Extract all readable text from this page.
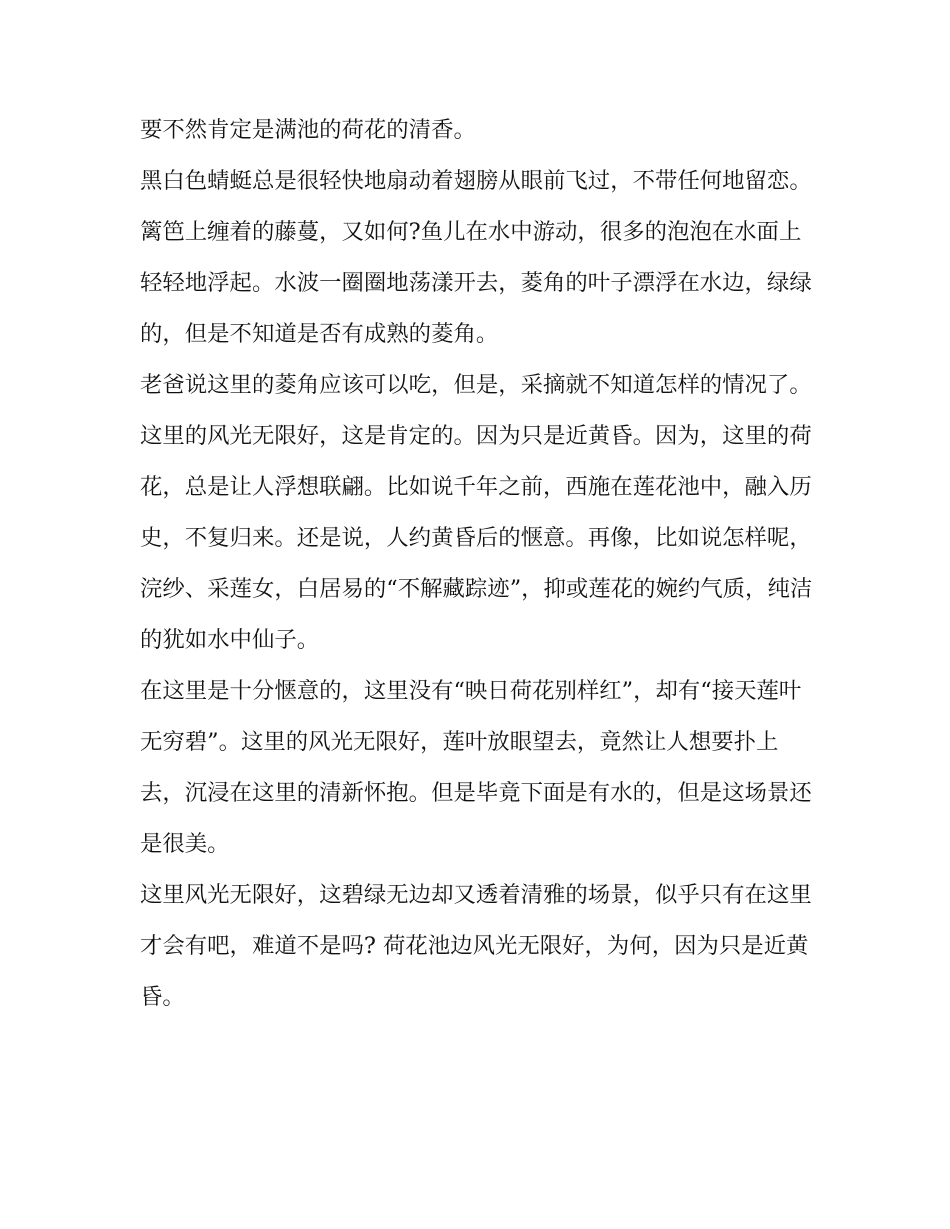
要不然肯定是满池的荷花的清香。

黑白色蜻蜓总是很轻快地扇动着翅膀从眼前飞过，不带任何地留恋。篱笆上缠着的藤蔓，又如何?鱼儿在水中游动，很多的泡泡在水面上轻轻地浮起。水波一圈圈地荡漾开去，菱角的叶子漂浮在水边，绿绿的，但是不知道是否有成熟的菱角。

老爸说这里的菱角应该可以吃，但是，采摘就不知道怎样的情况了。

这里的风光无限好，这是肯定的。因为只是近黄昏。因为，这里的荷花，总是让人浮想联翩。比如说千年之前，西施在莲花池中，融入历史，不复归来。还是说，人约黄昏后的惬意。再像，比如说怎样呢，浣纱、采莲女，白居易的“不解藏踪迹”，抑或莲花的婉约气质，纯洁的犹如水中仙子。

在这里是十分惬意的，这里没有“映日荷花别样红”，却有“接天莲叶无穷碧”。这里的风光无限好，莲叶放眼望去，竟然让人想要扑上去，沉浸在这里的清新怀抱。但是毕竟下面是有水的，但是这场景还是很美。

这里风光无限好，这碧绿无边却又透着清雅的场景，似乎只有在这里才会有吧，难道不是吗? 荷花池边风光无限好，为何，因为只是近黄昏。
